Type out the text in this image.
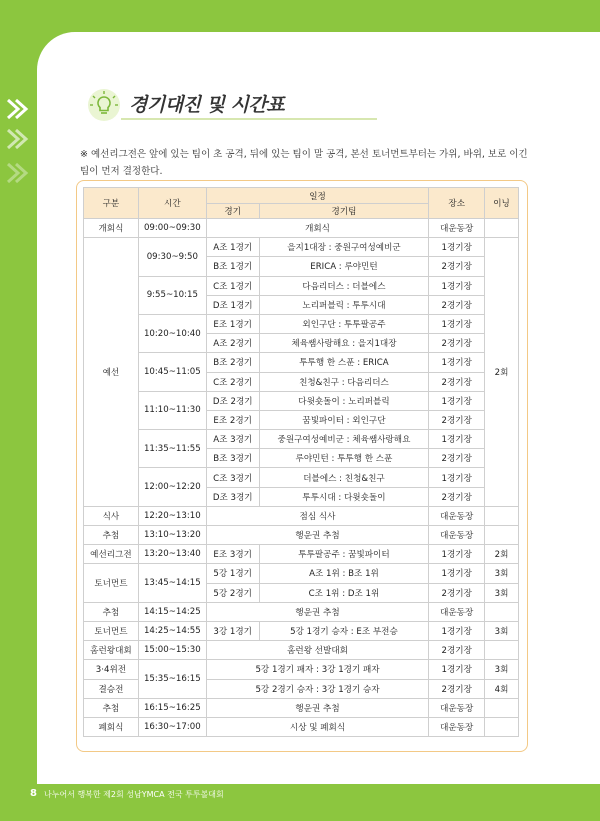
경기대진 및 시간표
※ 예선리그전은 앞에 있는 팀이 초 공격, 뒤에 있는 팀이 말 공격, 본선 토너먼트부터는 가위, 바위, 보로 이긴
팀이 먼저 결정한다.
구분	시간	일정		장소	이닝
		경기	경기팀		
개회식	09:00~09:30	개회식		대운동장	
예선	09:30~9:50	A조 1경기	을지1대장 : 중원구여성예비군	1경기장	2회
		B조 1경기	ERICA : 루야민턴	2경기장	
	9:55~10:15	C조 1경기	다음리더스 : 더블에스	1경기장	
		D조 1경기	노리퍼블릭 : 투투시대	2경기장	
	10:20~10:40	E조 1경기	외인구단 : 투투팔공주	1경기장	
		A조 2경기	체육쌤사랑해요 : 을지1대장	2경기장	
	10:45~11:05	B조 2경기	투투행 한 스푼 : ERICA	1경기장	
		C조 2경기	친청&친구 : 다음리더스	2경기장	
	11:10~11:30	D조 2경기	다윗숏돌이 : 노리퍼블릭	1경기장	
		E조 2경기	꿈빛파이터 : 외인구단	2경기장	
	11:35~11:55	A조 3경기	중원구여성예비군 : 체육쌤사랑해요	1경기장	
		B조 3경기	루야민턴 : 투투행 한 스푼	2경기장	
	12:00~12:20	C조 3경기	더블에스 : 친청&친구	1경기장	
		D조 3경기	투투시대 : 다윗숏돌이	2경기장	
식사	12:20~13:10	점심 식사		대운동장	
추첨	13:10~13:20	행운권 추첨		대운동장	
예선리그전	13:20~13:40	E조 3경기	투투팔공주 : 꿈빛파이터	1경기장	2회
토너먼트	13:45~14:15	5강 1경기	A조 1위 : B조 1위	1경기장	3회
		5강 2경기	C조 1위 : D조 1위	2경기장	3회
추첨	14:15~14:25	행운권 추첨		대운동장	
토너먼트	14:25~14:55	3강 1경기	5강 1경기 승자 : E조 부전승	1경기장	3회
홈런왕대회	15:00~15:30	홈런왕 선발대회		2경기장	
3·4위전	15:35~16:15	5강 1경기 패자 : 3강 1경기 패자		1경기장	3회
결승전		5강 2경기 승자 : 3강 1경기 승자		2경기장	4회
추첨	16:15~16:25	행운권 추첨		대운동장	
폐회식	16:30~17:00	시상 및 폐회식		대운동장	
8 나누어서 행복한 제2회 성남YMCA 전국 투투볼대회
